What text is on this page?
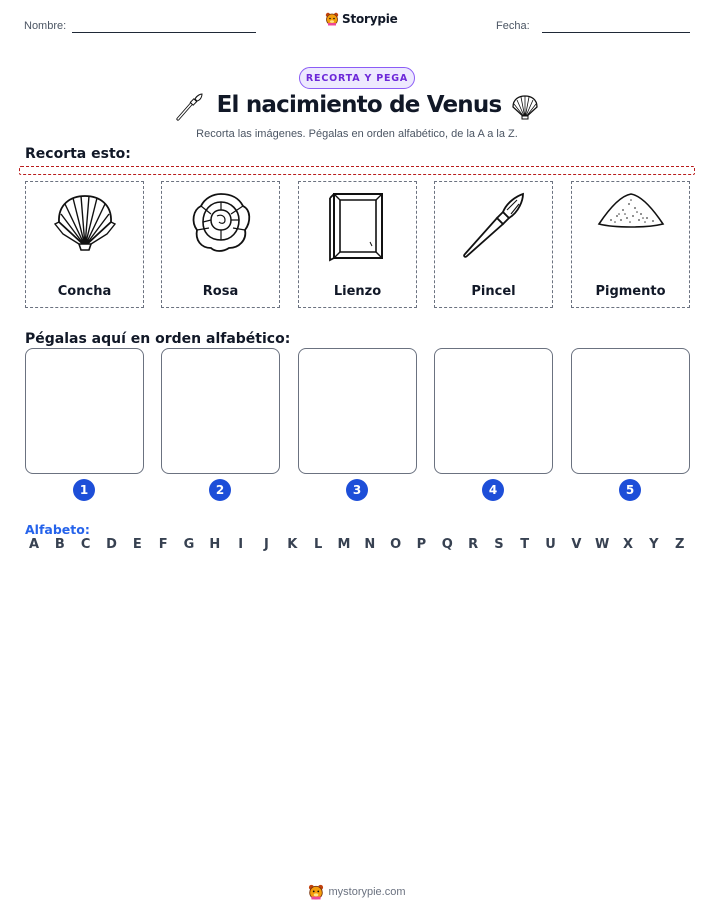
Nombre:	Storypie	Fecha:
RECORTA Y PEGA
El nacimiento de Venus
Recorta las imágenes. Pégalas en orden alfabético, de la A a la Z.
Recorta esto:
Concha	Rosa	Lienzo	Pincel	Pigmento
Pégalas aquí en orden alfabético:
1	2	3	4	5
Alfabeto:
A	B	C	D	E	F	G	H	I	J	K	L	M	N	O	P	Q	R	S	T	U	V	W	X	Y	Z
mystorypie.com
